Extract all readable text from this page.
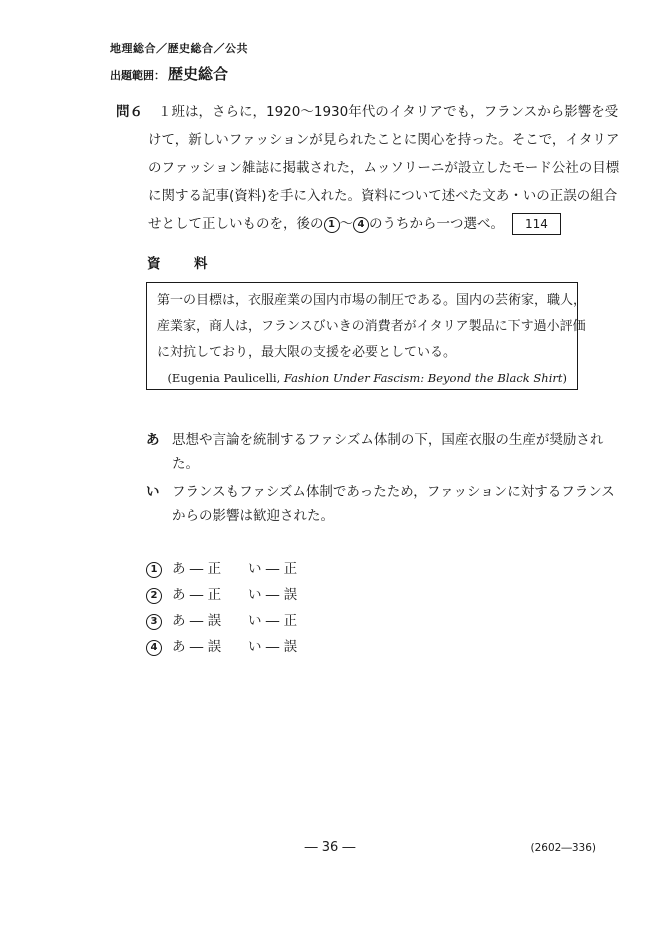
地理総合／歴史総合／公共
出題範囲： 歴史総合
問６	１班は，さらに，1920〜1930年代のイタリアでも，フランスから影響を受
けて，新しいファッションが見られたことに関心を持った。そこで，イタリア
のファッション雑誌に掲載された，ムッソリーニが設立したモード公社の目標
に関する記事(資料)を手に入れた。資料について述べた文あ・いの正誤の組合
せとして正しいものを，後の 1 〜 4 のうちから一つ選べ。 114
資　料
第一の目標は，衣服産業の国内市場の制圧である。国内の芸術家，職人，
産業家，商人は，フランスびいきの消費者がイタリア製品に下す過小評価
に対抗しており，最大限の支援を必要としている。
(Eugenia Paulicelli, Fashion Under Fascism: Beyond the Black Shirt)
あ 思想や言論を統制するファシズム体制の下，国産衣服の生産が奨励され
た。
い フランスもファシズム体制であったため，ファッションに対するフランス
からの影響は歓迎された。
1 あ ― 正 い ― 正
2 あ ― 正 い ― 誤
3 あ ― 誤 い ― 正
4 あ ― 誤 い ― 誤
― 36 ―	(2602―336)
